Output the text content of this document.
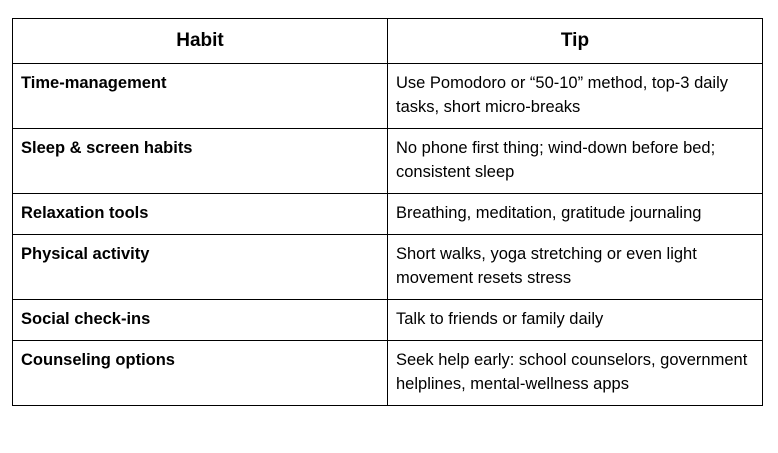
Habit	Tip
Time‑management	Use Pomodoro or “50‑10” method, top‑3 daily tasks, short micro‑breaks
Sleep & screen habits	No phone first thing; wind‑down before bed; consistent sleep
Relaxation tools	Breathing, meditation, gratitude journaling
Physical activity	Short walks, yoga stretching or even light movement resets stress
Social check‑ins	Talk to friends or family daily
Counseling options	Seek help early: school counselors, government helplines, mental‑wellness apps
